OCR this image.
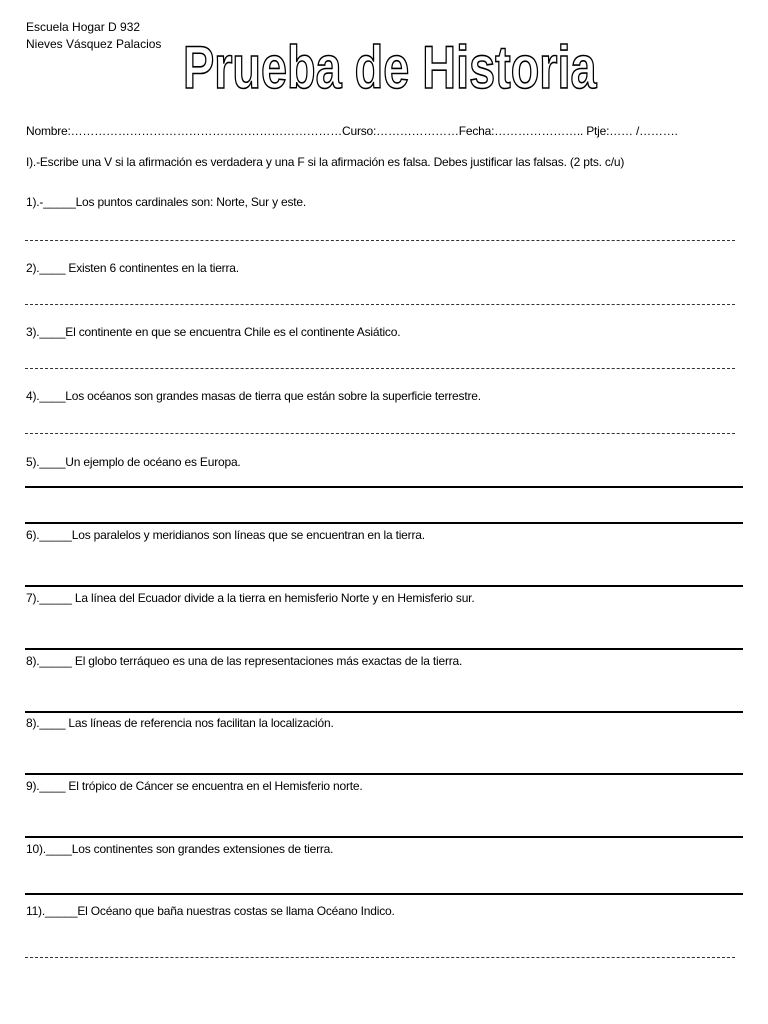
Escuela Hogar D 932
Nieves Vásquez Palacios Prueba de Historia
Nombre:……………………………………………………………Curso:…………………Fecha:………………….. Ptje:…… /……….
I).-Escribe una V si la afirmación es verdadera y una F si la afirmación es falsa. Debes justificar las falsas. (2 pts. c/u)
1).-_____Los puntos cardinales son: Norte, Sur y este.
2).____ Existen 6 continentes en la tierra.
3).____El continente en que se encuentra Chile es el continente Asiático.
4).____Los océanos son grandes masas de tierra que están sobre la superficie terrestre.
5).____Un ejemplo de océano es Europa.
6)._____Los paralelos y meridianos son líneas que se encuentran en la tierra.
7)._____ La línea del Ecuador divide a la tierra en hemisferio Norte y en Hemisferio sur.
8)._____ El globo terráqueo es una de las representaciones más exactas de la tierra.
8).____ Las líneas de referencia nos facilitan la localización.
9).____ El trópico de Cáncer se encuentra en el Hemisferio norte.
10).____Los continentes son grandes extensiones de tierra.
11)._____El Océano que baña nuestras costas se llama Océano Indico.
